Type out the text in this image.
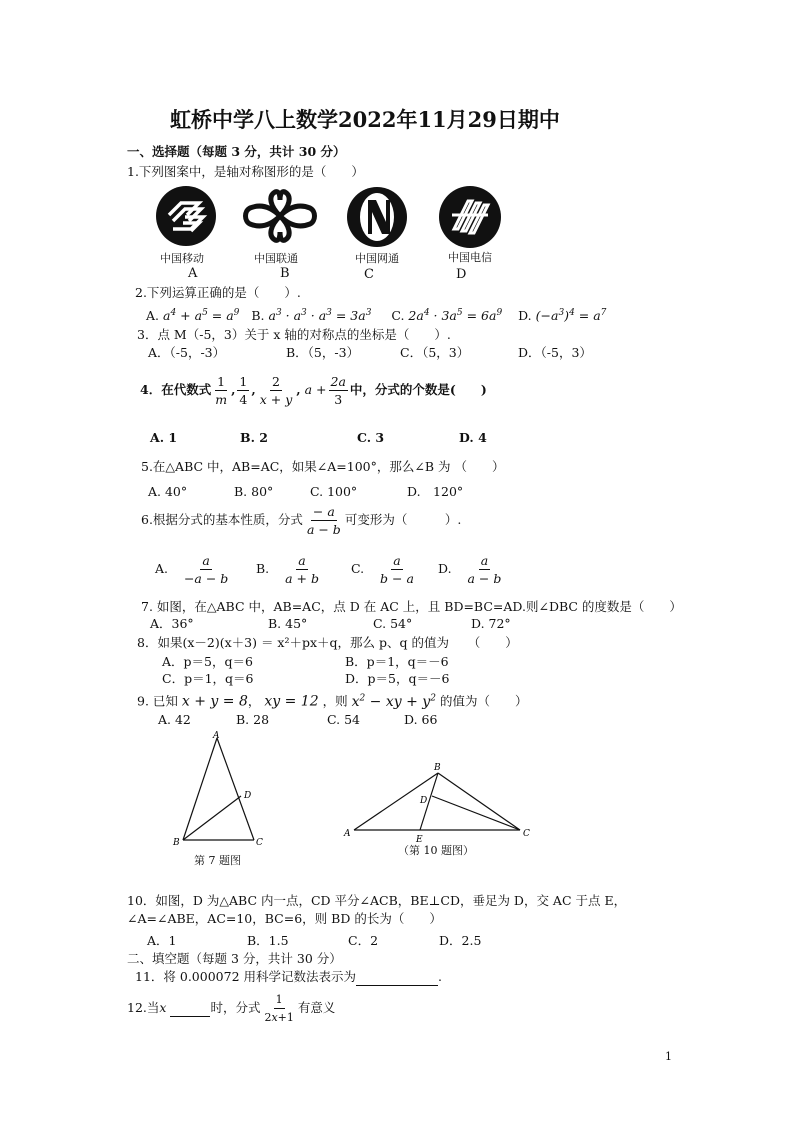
虹桥中学八上数学2022年11月29日期中
一、选择题（每题 3 分，共计 30 分）
1.下列图案中，是轴对称图形的是（　　）
中国移动
A
中国联通
B
中国网通
C
中国电信
D
2.下列运算正确的是（　　）.
A. $a^4 + a^5 = a^9$ B. $a^3 \cdot a^3 \cdot a^3 = 3a^3$ C. $2a^4 \cdot 3a^5 = 6a^9$ D. $(-a^3)^4 = a^7$
3．点 M（-5，3）关于 x 轴的对称点的坐标是（　　）.
A．（-5，-3）	B．（5，-3）	C．（5，3）	D．（-5，3）
4．在代数式 $\frac{1}{m}$ , $\frac{1}{4}$ , $\frac{2}{x + y}$ , $a + \frac{2a}{3}$ 中，分式的个数是(　　)
A. 1	B. 2	C. 3	D. 4
5.在△ABC 中，AB=AC，如果∠A=100°，那么∠B 为 （　　）
A. 40°	B. 80°	C. 100°	D.　120°
6.根据分式的基本性质，分式 $\frac{- a}{a - b}$ 可变形为（　　　）.
A.
$\frac{a}{-a - b} B$.
$\frac{a}{a + b} C$.
$\frac{a}{b - a} D$.
$\frac{a}{a - b}$
7. 如图，在△ABC 中，AB=AC，点 D 在 AC 上，且 BD=BC=AD.则∠DBC 的度数是（　　）
A．36°	B. 45°	C. 54°	D. 72°
8．如果(x－2)(x＋3) ＝ x²＋px＋q，那么 p、q 的值为　　（　　）
A．p＝5，q＝6	B．p＝1，q＝－6
C．p＝1，q＝6	D．p＝5，q＝－6
9. 已知 x + y = 8， xy = 12 ，则 $x^2$ − xy + $y^2$ 的值为（　　）
A. 42	B. 28	C. 54	D. 66
A
B	C
D
第 7 题图
A
B
C
D
E
（第 10 题图）
10．如图，D 为△ABC 内一点，CD 平分∠ACB，BE⊥CD，垂足为 D，交 AC 于点 E，
∠A=∠ABE，AC=10，BC=6，则 BD 的长为（　　）
A．1	B．1.5	C．2	D．2.5
二、填空题（每题 3 分，共计 30 分）
11．将 0.000072 用科学记数法表示为	.
12.当 x

	时，分式 $\frac{1}{2x+1}$ 有意义
1
